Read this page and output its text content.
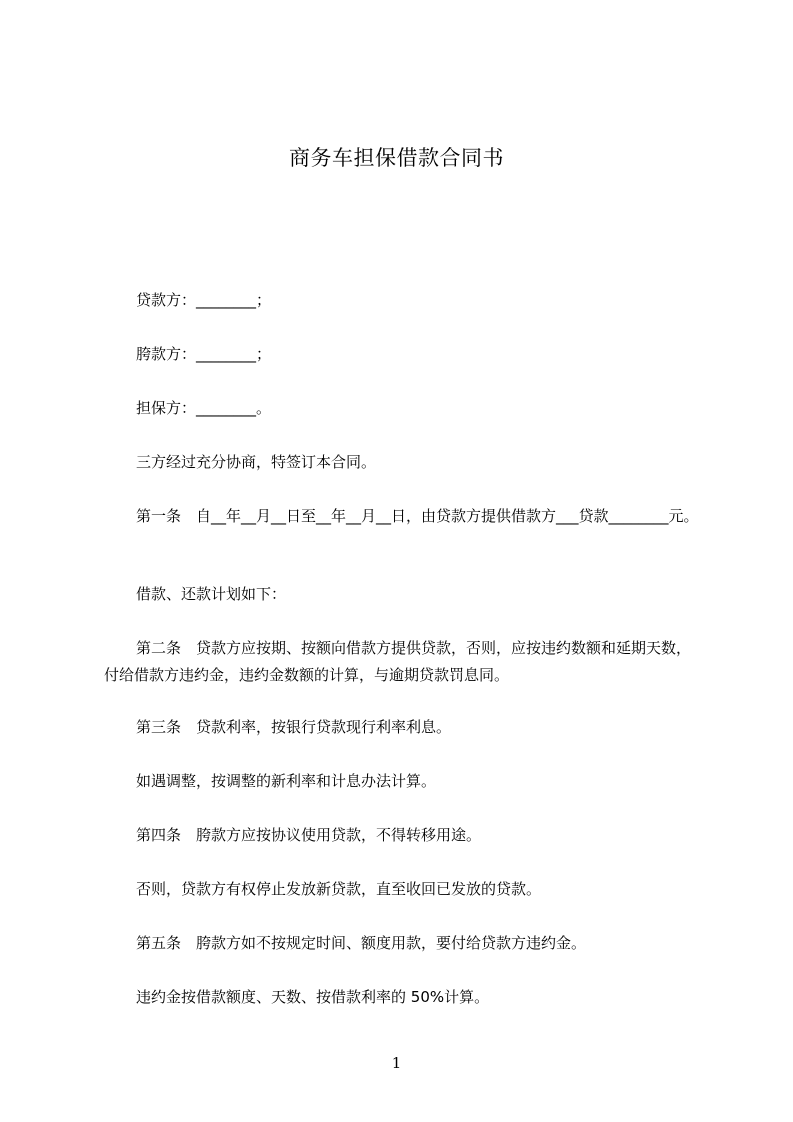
商务车担保借款合同书

贷款方：________；

胯款方：________；

担保方：________。

三方经过充分协商，特签订本合同。

第一条　自__年__月__日至__年__月__日，由贷款方提供借款方___贷款________元。

借款、还款计划如下：

第二条　贷款方应按期、按额向借款方提供贷款，否则，应按违约数额和延期天数，付给借款方违约金，违约金数额的计算，与逾期贷款罚息同。

第三条　贷款利率，按银行贷款现行利率利息。

如遇调整，按调整的新利率和计息办法计算。

第四条　胯款方应按协议使用贷款，不得转移用途。

否则，贷款方有权停止发放新贷款，直至收回已发放的贷款。

第五条　胯款方如不按规定时间、额度用款，要付给贷款方违约金。

违约金按借款额度、天数、按借款利率的 50%计算。

1
